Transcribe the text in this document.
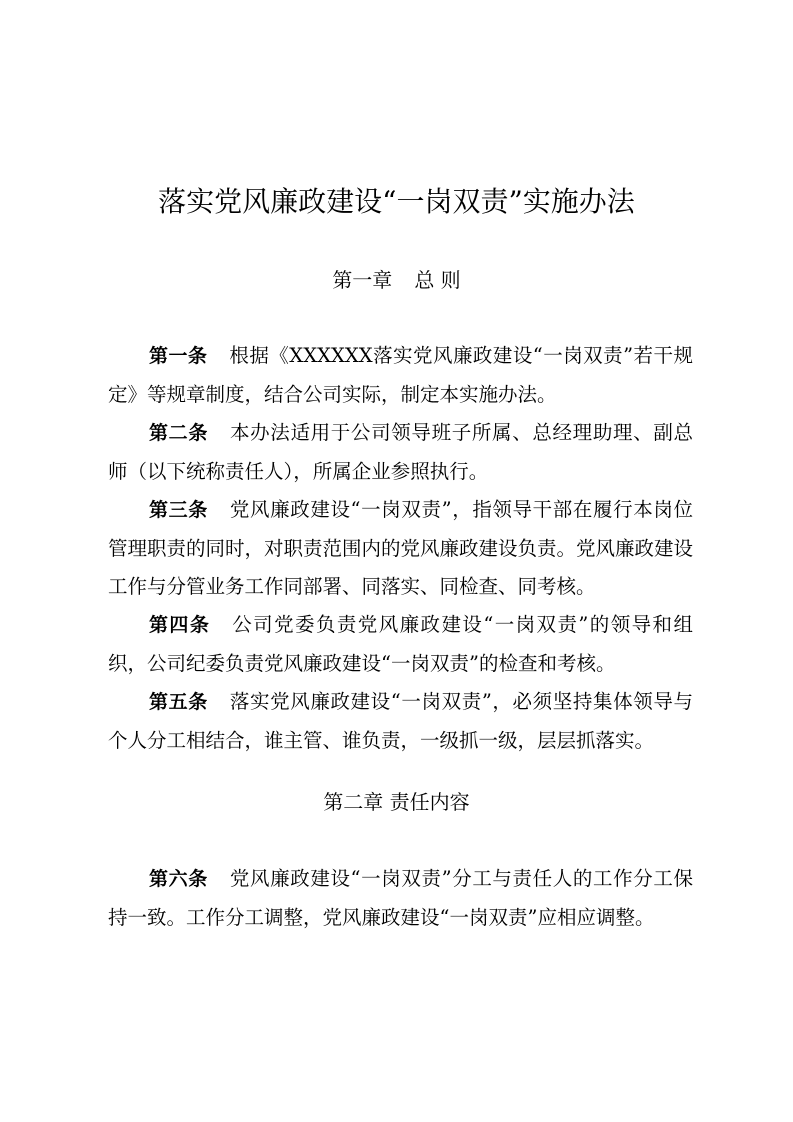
落实党风廉政建设“一岗双责”实施办法
第一章 总 则

第一条 根据《XXXXXX落实党风廉政建设“一岗双责”若干规定》等规章制度，结合公司实际，制定本实施办法。

第二条 本办法适用于公司领导班子所属、总经理助理、副总师（以下统称责任人），所属企业参照执行。

第三条 党风廉政建设“一岗双责”，指领导干部在履行本岗位管理职责的同时，对职责范围内的党风廉政建设负责。党风廉政建设工作与分管业务工作同部署、同落实、同检查、同考核。

第四条 公司党委负责党风廉政建设“一岗双责”的领导和组织，公司纪委负责党风廉政建设“一岗双责”的检查和考核。

第五条 落实党风廉政建设“一岗双责”，必须坚持集体领导与个人分工相结合，谁主管、谁负责，一级抓一级，层层抓落实。

第二章 责任内容

第六条 党风廉政建设“一岗双责”分工与责任人的工作分工保持一致。工作分工调整，党风廉政建设“一岗双责”应相应调整。
